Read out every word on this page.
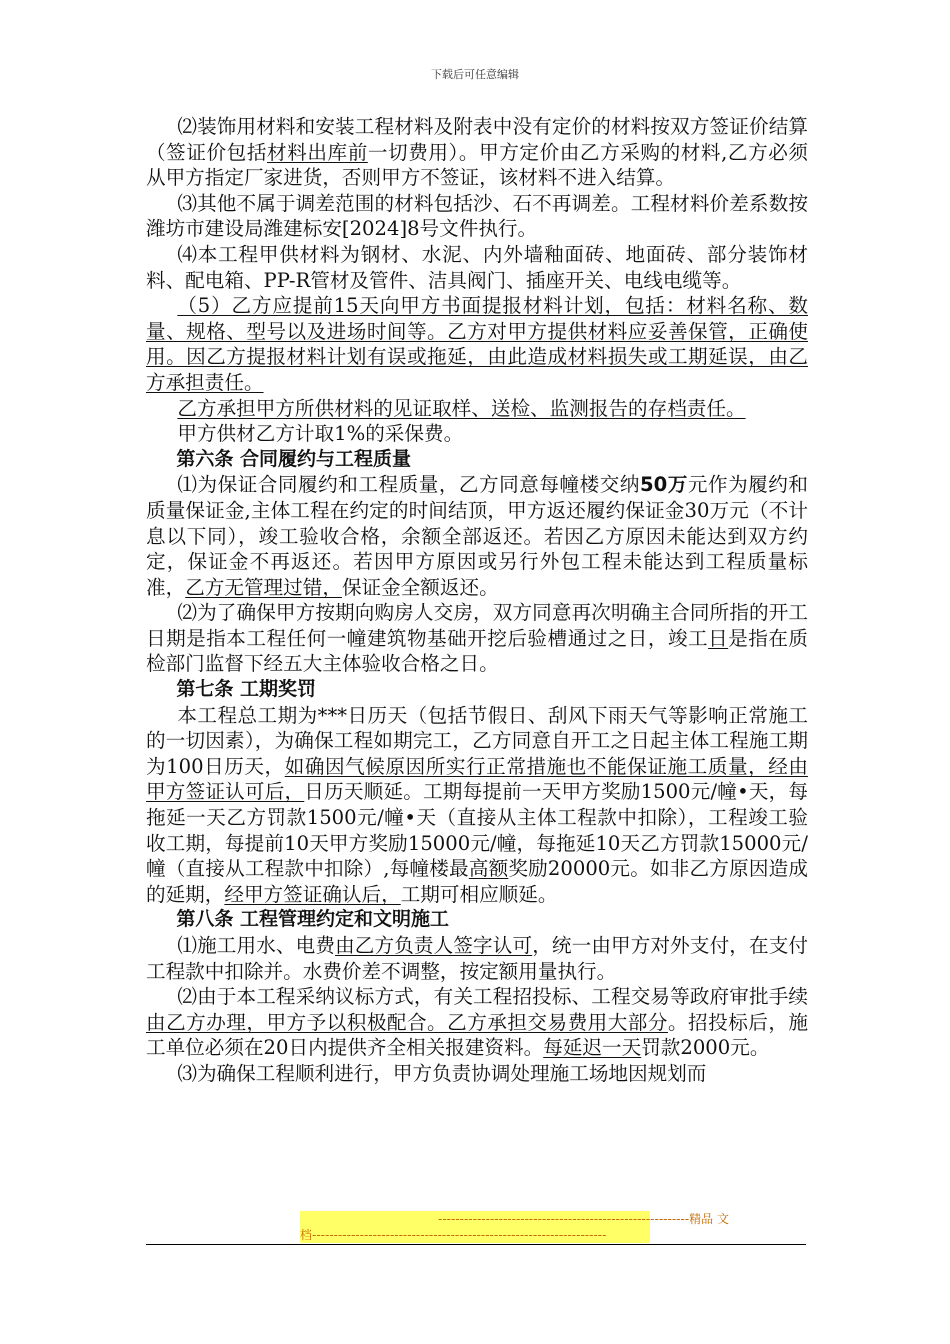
下载后可任意编辑

⑵装饰用材料和安装工程材料及附表中没有定价的材料按双方签证价结算（签证价包括材料出库前一切费用）。甲方定价由乙方采购的材料,乙方必须从甲方指定厂家进货，否则甲方不签证，该材料不进入结算。

⑶其他不属于调差范围的材料包括沙、石不再调差。工程材料价差系数按潍坊市建设局潍建标安[2024]8号文件执行。

⑷本工程甲供材料为钢材、水泥、内外墙釉面砖、地面砖、部分装饰材料、配电箱、PP-R管材及管件、洁具阀门、插座开关、电线电缆等。

（5）乙方应提前15天向甲方书面提报材料计划，包括：材料名称、数量、规格、型号以及进场时间等。乙方对甲方提供材料应妥善保管，正确使用。因乙方提报材料计划有误或拖延，由此造成材料损失或工期延误，由乙方承担责任。

乙方承担甲方所供材料的见证取样、送检、监测报告的存档责任。

甲方供材乙方计取1%的采保费。

第六条 合同履约与工程质量

⑴为保证合同履约和工程质量，乙方同意每幢楼交纳50万元作为履约和质量保证金,主体工程在约定的时间结顶，甲方返还履约保证金30万元（不计息以下同），竣工验收合格，余额全部返还。若因乙方原因未能达到双方约定，保证金不再返还。若因甲方原因或另行外包工程未能达到工程质量标准，乙方无管理过错，保证金全额返还。

⑵为了确保甲方按期向购房人交房，双方同意再次明确主合同所指的开工日期是指本工程任何一幢建筑物基础开挖后验槽通过之日，竣工日是指在质检部门监督下经五大主体验收合格之日。

第七条 工期奖罚

本工程总工期为***日历天（包括节假日、刮风下雨天气等影响正常施工的一切因素），为确保工程如期完工，乙方同意自开工之日起主体工程施工期为100日历天，如确因气候原因所实行正常措施也不能保证施工质量，经由甲方签证认可后，日历天顺延。工期每提前一天甲方奖励1500元/幢•天，每拖延一天乙方罚款1500元/幢•天（直接从主体工程款中扣除），工程竣工验收工期，每提前10天甲方奖励15000元/幢，每拖延10天乙方罚款15000元/幢（直接从工程款中扣除）,每幢楼最高额奖励20000元。如非乙方原因造成的延期，经甲方签证确认后，工期可相应顺延。

第八条 工程管理约定和文明施工

⑴施工用水、电费由乙方负责人签字认可，统一由甲方对外支付，在支付工程款中扣除并。水费价差不调整，按定额用量执行。

⑵由于本工程采纳议标方式，有关工程招投标、工程交易等政府审批手续由乙方办理，甲方予以积极配合。乙方承担交易费用大部分。招投标后，施工单位必须在20日内提供齐全相关报建资料。每延迟一天罚款2000元。

⑶为确保工程顺利进行，甲方负责协调处理施工场地因规划而

----------------------------------------------------------精品 文
档--------------------------------------------------------------------
